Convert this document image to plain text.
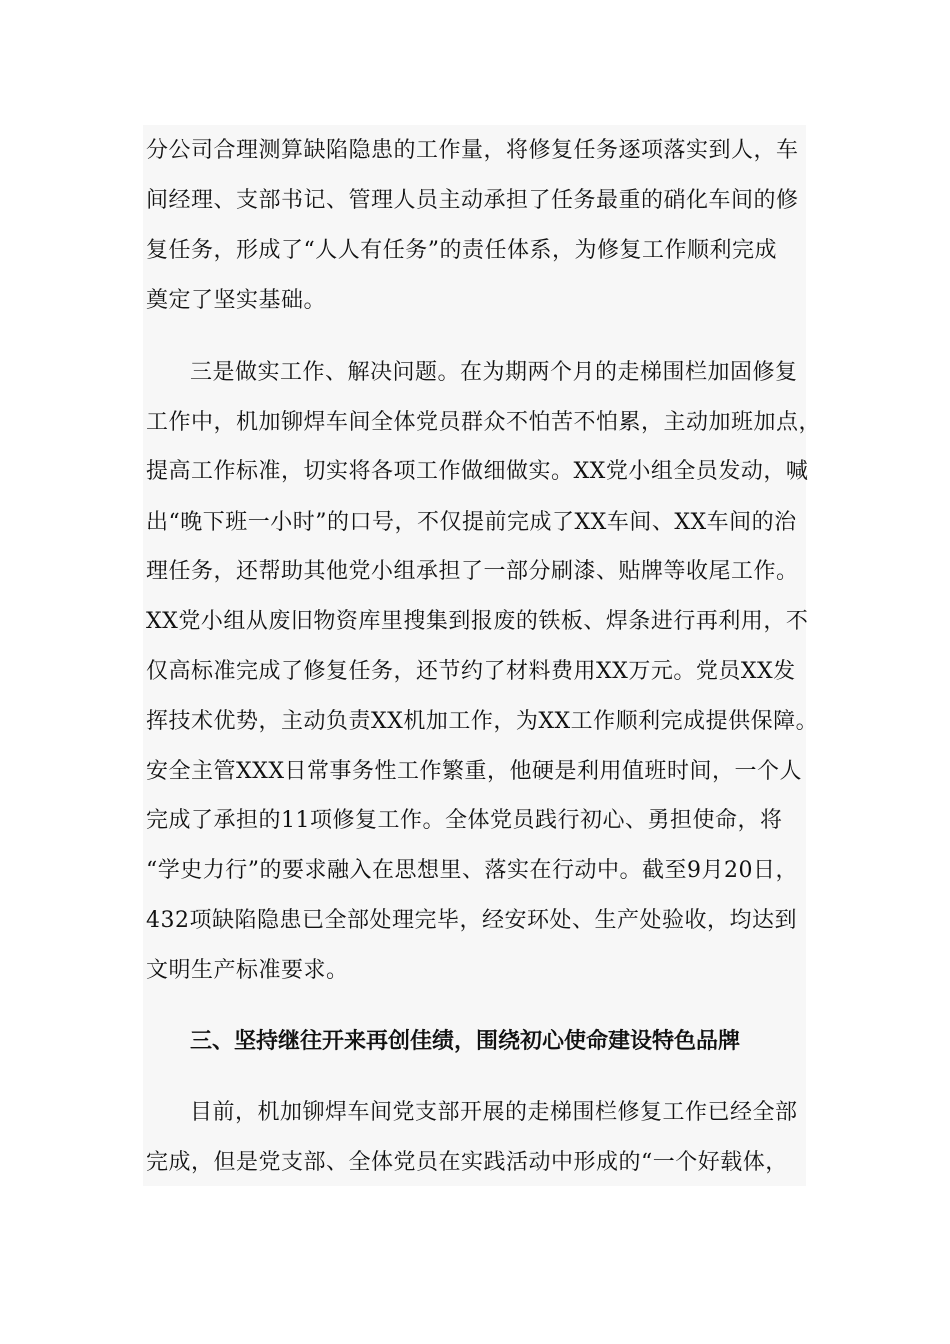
分公司合理测算缺陷隐患的工作量，将修复任务逐项落实到人，车
间经理、支部书记、管理人员主动承担了任务最重的硝化车间的修
复任务，形成了“人人有任务”的责任体系，为修复工作顺利完成
奠定了坚实基础。
三是做实工作、解决问题。在为期两个月的走梯围栏加固修复
工作中，机加铆焊车间全体党员群众不怕苦不怕累，主动加班加点，
提高工作标准，切实将各项工作做细做实。XX党小组全员发动，喊
出“晚下班一小时”的口号，不仅提前完成了XX车间、XX车间的治
理任务，还帮助其他党小组承担了一部分刷漆、贴牌等收尾工作。
XX党小组从废旧物资库里搜集到报废的铁板、焊条进行再利用，不
仅高标准完成了修复任务，还节约了材料费用XX万元。党员XX发
挥技术优势，主动负责XX机加工作，为XX工作顺利完成提供保障。
安全主管XXX日常事务性工作繁重，他硬是利用值班时间，一个人
完成了承担的11项修复工作。全体党员践行初心、勇担使命，将
“学史力行”的要求融入在思想里、落实在行动中。截至9月20日，
432项缺陷隐患已全部处理完毕，经安环处、生产处验收，均达到
文明生产标准要求。
三、坚持继往开来再创佳绩，围绕初心使命建设特色品牌
目前，机加铆焊车间党支部开展的走梯围栏修复工作已经全部
完成，但是党支部、全体党员在实践活动中形成的“一个好载体，
